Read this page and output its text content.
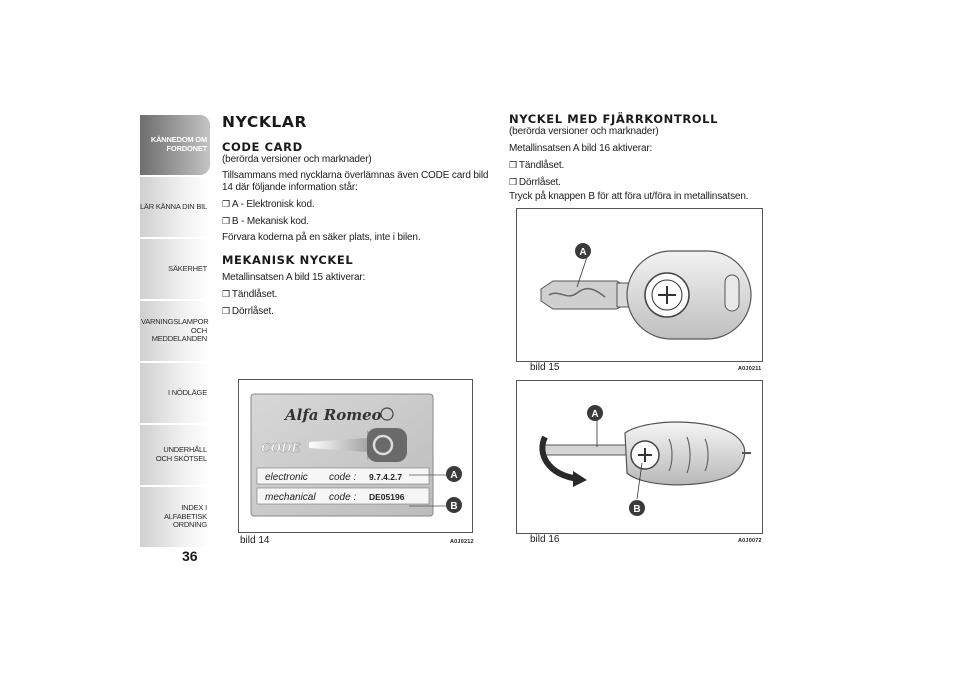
KÄNNEDOM OM FORDONET
LÄR KÄNNA DIN BIL
SÄKERHET
VARNINGSLAMPOR OCH MEDDELANDEN
I NÖDLÄGE
UNDERHÅLL OCH SKÖTSEL
INDEX I ALFABETISK ORDNING
36
NYCKLAR
CODE CARD

(berörda versioner och marknader)

Tillsammans med nycklarna överlämnas även CODE card bild 14 där följande information står:

❒ A - Elektronisk kod.

❒ B - Mekanisk kod.

Förvara koderna på en säker plats, inte i bilen.

MEKANISK NYCKEL

Metallinsatsen A bild 15 aktiverar:

❒ Tändlåset.

❒ Dörrlåset.

NYCKEL MED FJÄRRKONTROLL

(berörda versioner och marknader)

Metallinsatsen A bild 16 aktiverar:

❒ Tändlåset.

❒ Dörrlåset.

Tryck på knappen B för att föra ut/föra in metallinsatsen.

Alfa Romeo
CODE
electronic code : 9.7.4.2.7
mechanical code : DE05196
A
B
bild 14	A0J0212
A
bild 15	A0J0211
A
B
bild 16	A0J0072
